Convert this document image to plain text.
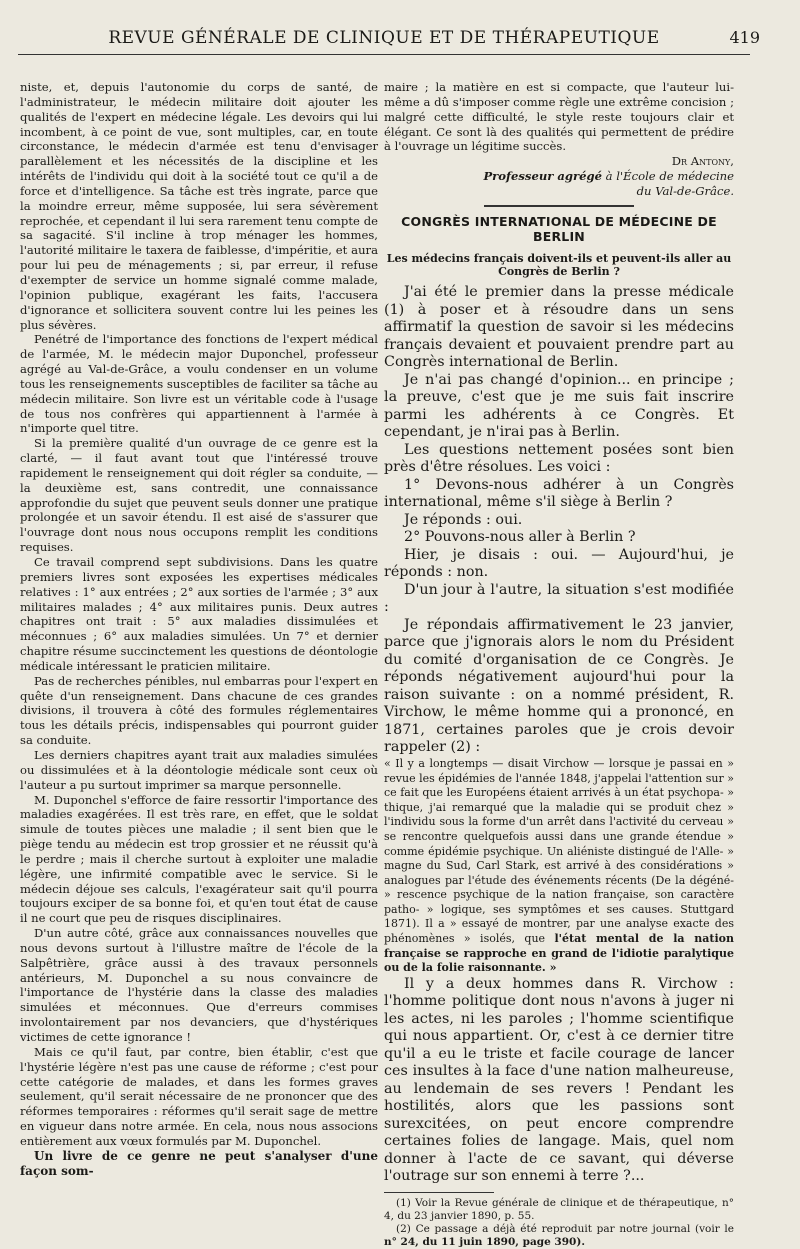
REVUE GÉNÉRALE DE CLINIQUE ET DE THÉRAPEUTIQUE	419

niste, et, depuis l'autonomie du corps de santé, de l'administrateur, le médecin militaire doit ajouter les qualités de l'expert en médecine légale. Les devoirs qui lui incombent, à ce point de vue, sont multiples, car, en toute circonstance, le médecin d'armée est tenu d'envisager parallèlement et les nécessités de la discipline et les intérêts de l'individu qui doit à la société tout ce qu'il a de force et d'intelligence. Sa tâche est très ingrate, parce que la moindre erreur, même supposée, lui sera sévèrement reprochée, et cependant il lui sera rarement tenu compte de sa sagacité. S'il incline à trop ménager les hommes, l'autorité militaire le taxera de faiblesse, d'impéritie, et aura pour lui peu de ménagements ; si, par erreur, il refuse d'exempter de service un homme signalé comme malade, l'opinion publique, exagérant les faits, l'accusera d'ignorance et sollicitera souvent contre lui les peines les plus sévères.

Penétré de l'importance des fonctions de l'expert médical de l'armée, M. le médecin major Duponchel, professeur agrégé au Val-de-Grâce, a voulu condenser en un volume tous les renseignements susceptibles de faciliter sa tâche au médecin militaire. Son livre est un véritable code à l'usage de tous nos confrères qui appartiennent à l'armée à n'importe quel titre.

Si la première qualité d'un ouvrage de ce genre est la clarté, — il faut avant tout que l'intéressé trouve rapidement le renseignement qui doit régler sa conduite, — la deuxième est, sans contredit, une connaissance approfondie du sujet que peuvent seuls donner une pratique prolongée et un savoir étendu. Il est aisé de s'assurer que l'ouvrage dont nous nous occupons remplit les conditions requises.

Ce travail comprend sept subdivisions. Dans les quatre premiers livres sont exposées les expertises médicales relatives : 1° aux entrées ; 2° aux sorties de l'armée ; 3° aux militaires malades ; 4° aux militaires punis. Deux autres chapitres ont trait : 5° aux maladies dissimulées et méconnues ; 6° aux maladies simulées. Un 7° et dernier chapitre résume succinctement les questions de déontologie médicale intéressant le praticien militaire.

Pas de recherches pénibles, nul embarras pour l'expert en quête d'un renseignement. Dans chacune de ces grandes divisions, il trouvera à côté des formules réglementaires tous les détails précis, indispensables qui pourront guider sa conduite.

Les derniers chapitres ayant trait aux maladies simulées ou dissimulées et à la déontologie médicale sont ceux où l'auteur a pu surtout imprimer sa marque personnelle.

M. Duponchel s'efforce de faire ressortir l'importance des maladies exagérées. Il est très rare, en effet, que le soldat simule de toutes pièces une maladie ; il sent bien que le piège tendu au médecin est trop grossier et ne réussit qu'à le perdre ; mais il cherche surtout à exploiter une maladie légère, une infirmité compatible avec le service. Si le médecin déjoue ses calculs, l'exagérateur sait qu'il pourra toujours exciper de sa bonne foi, et qu'en tout état de cause il ne court que peu de risques disciplinaires.

D'un autre côté, grâce aux connaissances nouvelles que nous devons surtout à l'illustre maître de l'école de la Salpêtrière, grâce aussi à des travaux personnels antérieurs, M. Duponchel a su nous convaincre de l'importance de l'hystérie dans la classe des maladies simulées et méconnues. Que d'erreurs commises involontairement par nos devanciers, que d'hystériques victimes de cette ignorance !

Mais ce qu'il faut, par contre, bien établir, c'est que l'hystérie légère n'est pas une cause de réforme ; c'est pour cette catégorie de malades, et dans les formes graves seulement, qu'il serait nécessaire de ne prononcer que des réformes temporaires : réformes qu'il serait sage de mettre en vigueur dans notre armée. En cela, nous nous associons entièrement aux vœux formulés par M. Duponchel.

Un livre de ce genre ne peut s'analyser d'une façon som-

maire ; la matière en est si compacte, que l'auteur lui-même a dû s'imposer comme règle une extrême concision ; malgré cette difficulté, le style reste toujours clair et élégant. Ce sont là des qualités qui permettent de prédire à l'ouvrage un légitime succès.

Dr Antony,

Professeur agrégé à l'École de médecine

du Val-de-Grâce.

CONGRÈS INTERNATIONAL DE MÉDECINE DE BERLIN
Les médecins français doivent-ils et peuvent-ils aller au Congrès de Berlin ?

J'ai été le premier dans la presse médicale (1) à poser et à résoudre dans un sens affirmatif la question de savoir si les médecins français devaient et pouvaient prendre part au Congrès international de Berlin.

Je n'ai pas changé d'opinion... en principe ; la preuve, c'est que je me suis fait inscrire parmi les adhérents à ce Congrès. Et cependant, je n'irai pas à Berlin.

Les questions nettement posées sont bien près d'être résolues. Les voici :

1° Devons-nous adhérer à un Congrès international, même s'il siège à Berlin ?

Je réponds : oui.

2° Pouvons-nous aller à Berlin ?

Hier, je disais : oui. — Aujourd'hui, je réponds : non.

D'un jour à l'autre, la situation s'est modifiée :

Je répondais affirmativement le 23 janvier, parce que j'ignorais alors le nom du Président du comité d'organisation de ce Congrès. Je réponds négativement aujourd'hui pour la raison suivante : on a nommé président, R. Virchow, le même homme qui a prononcé, en 1871, certaines paroles que je crois devoir rappeler (2) :

« Il y a longtemps — disait Virchow — lorsque je passai en » revue les épidémies de l'année 1848, j'appelai l'attention sur » ce fait que les Européens étaient arrivés à un état psychopa- » thique, j'ai remarqué que la maladie qui se produit chez » l'individu sous la forme d'un arrêt dans l'activité du cerveau » se rencontre quelquefois aussi dans une grande étendue » comme épidémie psychique. Un aliéniste distingué de l'Alle- » magne du Sud, Carl Stark, est arrivé à des considérations » analogues par l'étude des événements récents (De la dégéné- » rescence psychique de la nation française, son caractère patho- » logique, ses symptômes et ses causes. Stuttgard 1871). Il a » essayé de montrer, par une analyse exacte des phénomènes » isolés, que l'état mental de la nation française se rapproche en grand de l'idiotie paralytique ou de la folie raisonnante. »

Il y a deux hommes dans R. Virchow : l'homme politique dont nous n'avons à juger ni les actes, ni les paroles ; l'homme scientifique qui nous appartient. Or, c'est à ce dernier titre qu'il a eu le triste et facile courage de lancer ces insultes à la face d'une nation malheureuse, au lendemain de ses revers ! Pendant les hostilités, alors que les passions sont surexcitées, on peut encore comprendre certaines folies de langage. Mais, quel nom donner à l'acte de ce savant, qui déverse l'outrage sur son ennemi à terre ?...

(1) Voir la Revue générale de clinique et de thérapeutique, n° 4, du 23 janvier 1890, p. 55.

(2) Ce passage a déjà été reproduit par notre journal (voir le n° 24, du 11 juin 1890, page 390).
